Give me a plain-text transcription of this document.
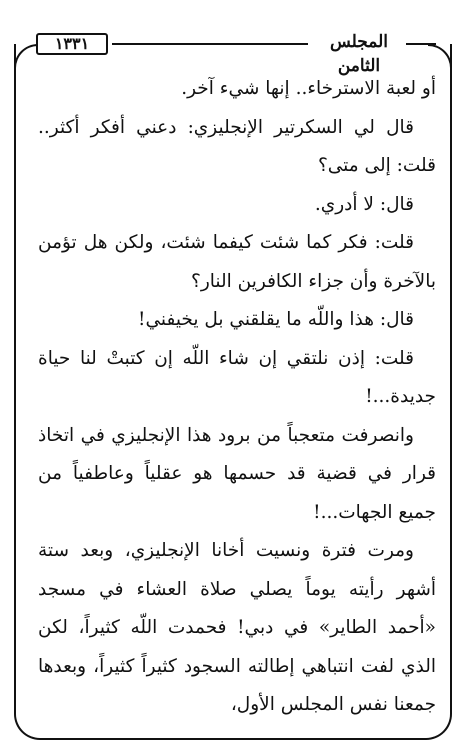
المجلس الثامن
١٣٣١

أو لعبة الاسترخاء.. إنها شيء آخر.

قال لي السكرتير الإنجليزي: دعني أفكر أكثر.. قلت: إلى متى؟

قال: لا أدري.

قلت: فكر كما شئت كيفما شئت، ولكن هل تؤمن بالآخرة وأن جزاء الكافرين النار؟

قال: هذا واللّه ما يقلقني بل يخيفني!

قلت: إذن نلتقي إن شاء اللّه إن كتبتْ لنا حياة جديدة...!

وانصرفت متعجباً من برود هذا الإنجليزي في اتخاذ قرار في قضية قد حسمها هو عقلياً وعاطفياً من جميع الجهات...!

ومرت فترة ونسيت أخانا الإنجليزي، وبعد ستة أشهر رأيته يوماً يصلي صلاة العشاء في مسجد «أحمد الطاير» في دبي! فحمدت اللّه كثيراً، لكن الذي لفت انتباهي إطالته السجود كثيراً كثيراً، وبعدها جمعنا نفس المجلس الأول،
